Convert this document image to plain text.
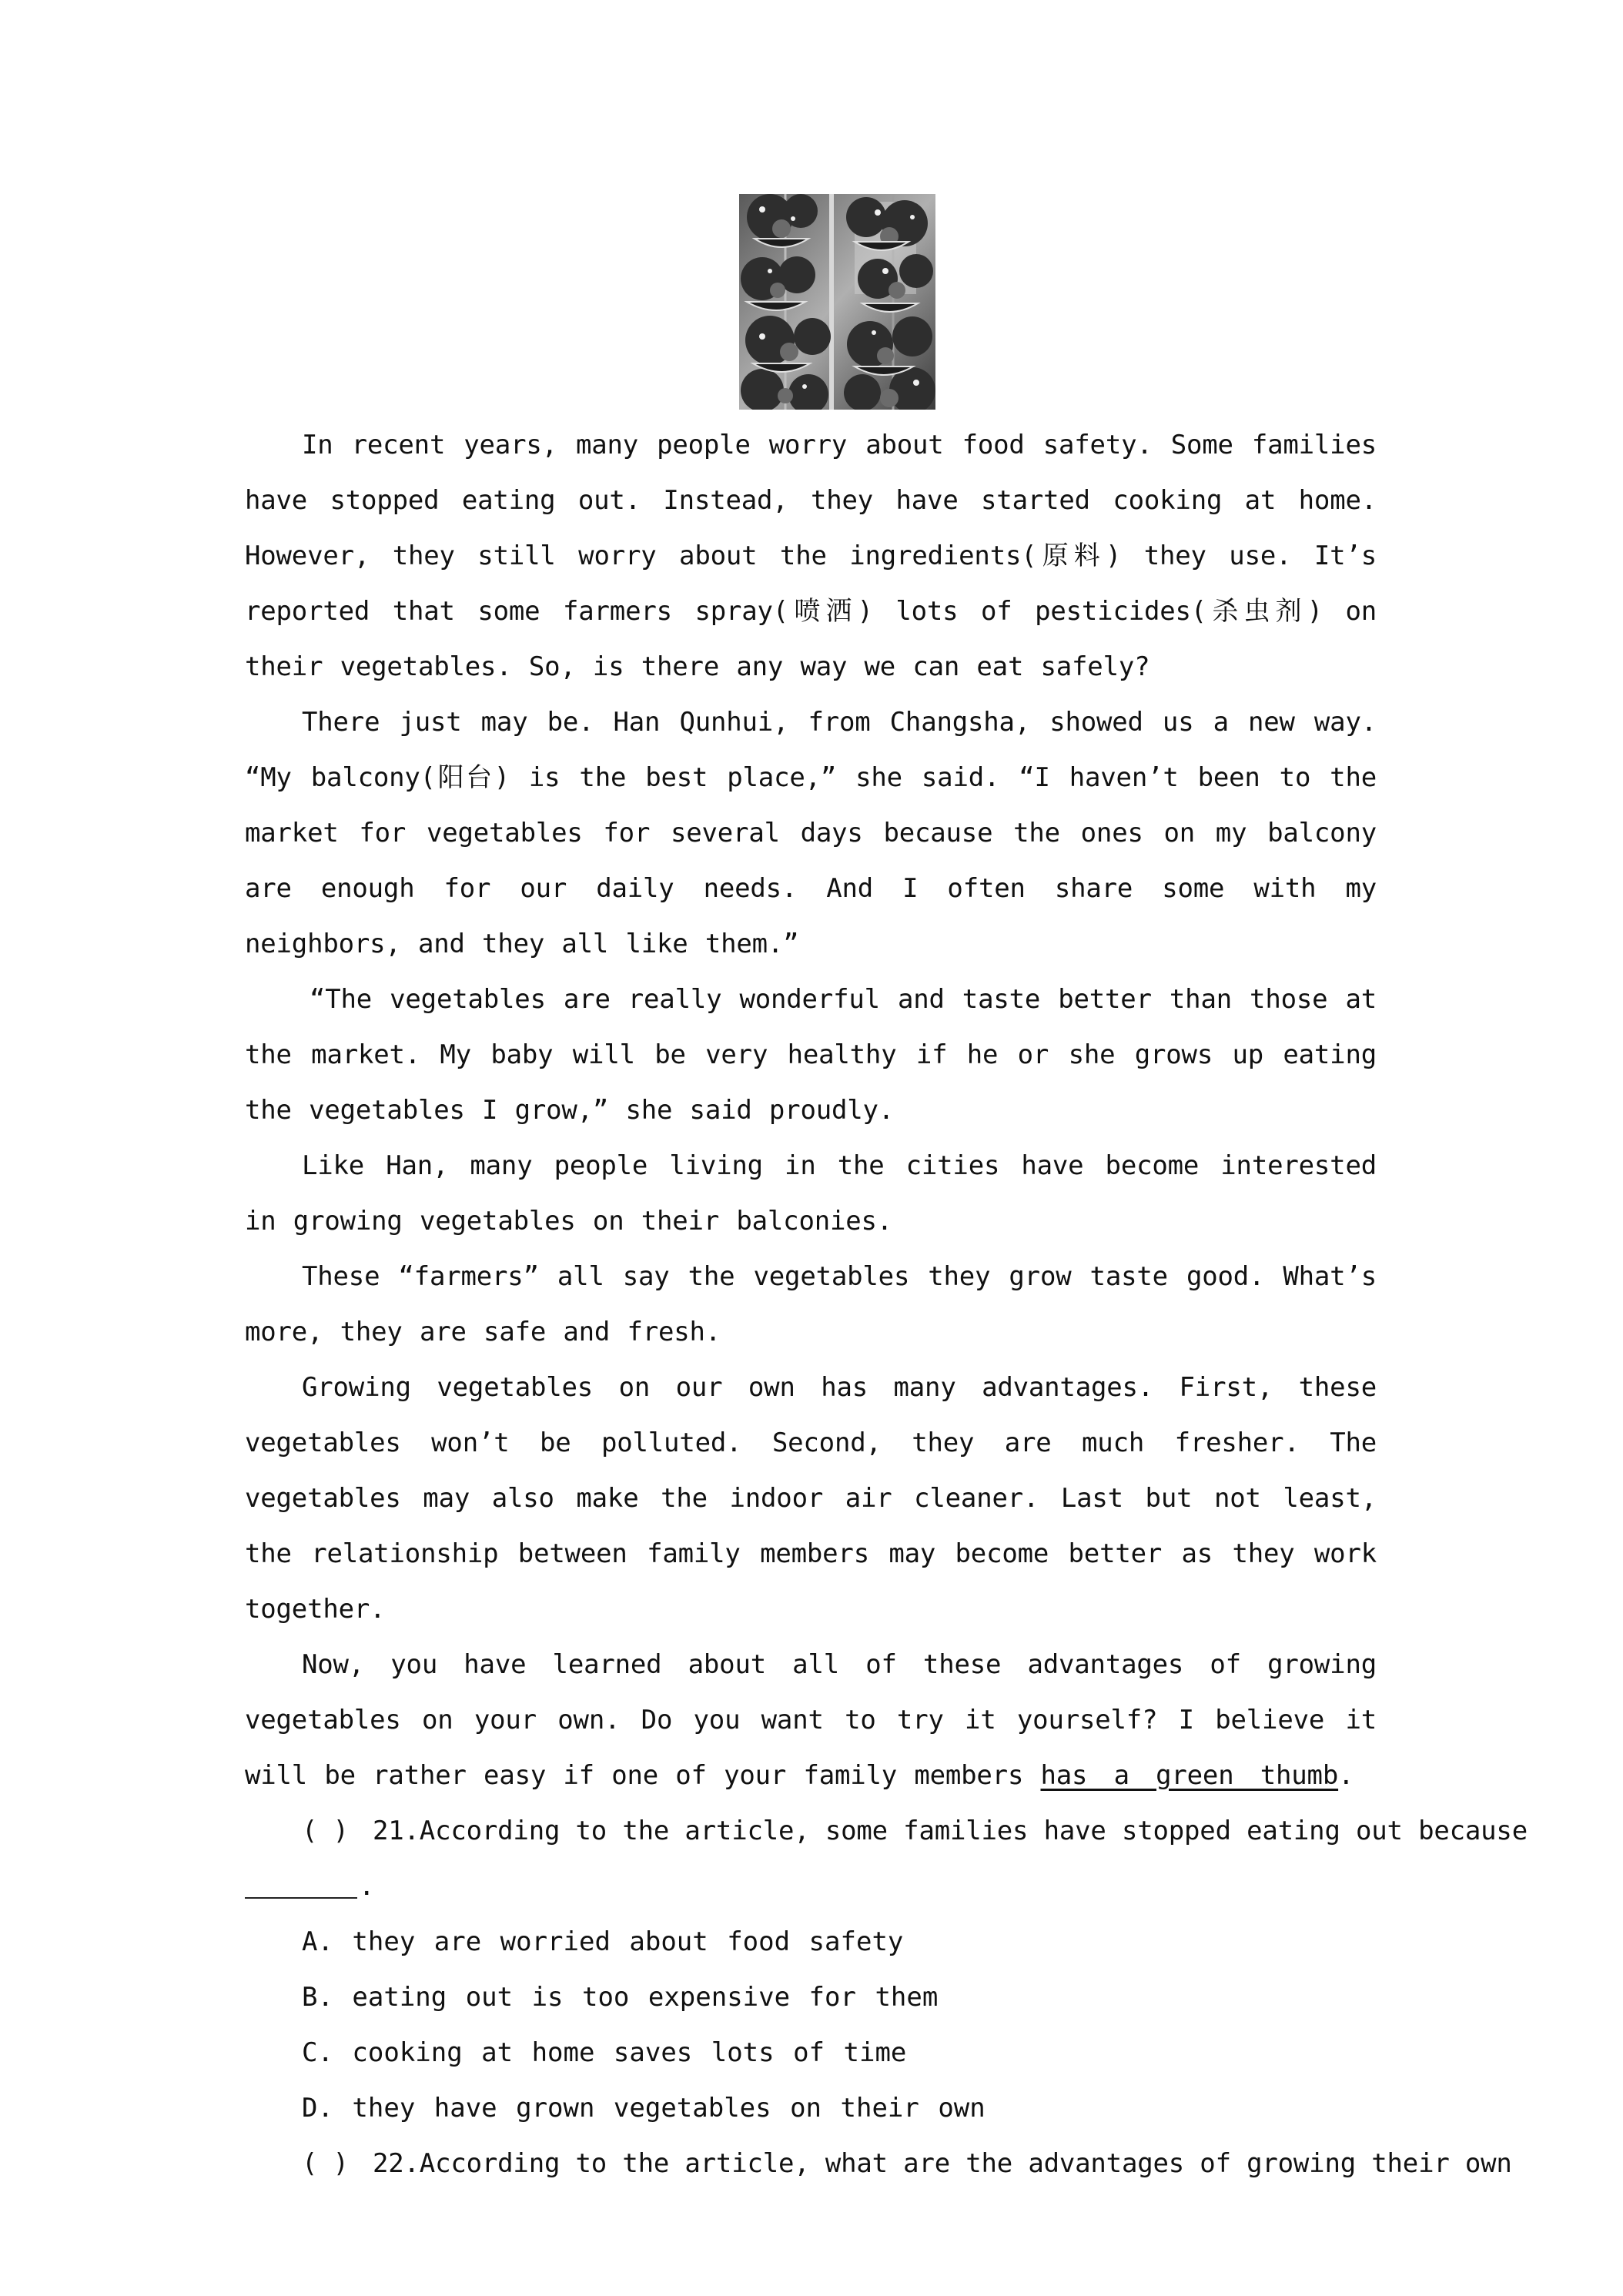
In recent years, many people worry about food safety. Some families have stopped eating out. Instead, they have started cooking at home. However, they still worry about the ingredients(原料) they use. It’s reported that some farmers spray(喷洒) lots of pesticides(杀虫剂) on their vegetables. So, is there any way we can eat safely?

There just may be. Han Qunhui, from Changsha, showed us a new way. “My balcony(阳台) is the best place,” she said. “I haven’t been to the market for vegetables for several days because the ones on my balcony are enough for our daily needs. And I often share some with my neighbors, and they all like them.”

“The vegetables are really wonderful and taste better than those at the market. My baby will be very healthy if he or she grows up eating the vegetables I grow,” she said proudly.

Like Han, many people living in the cities have become interested in growing vegetables on their balconies.

These “farmers” all say the vegetables they grow taste good. What’s more, they are safe and fresh.

Growing vegetables on our own has many advantages. First, these vegetables won’t be polluted. Second, they are much fresher. The vegetables may also make the indoor air cleaner. Last but not least, the relationship between family members may become better as they work together.

Now, you have learned about all of these advantages of growing vegetables on your own. Do you want to try it yourself? I believe it will be rather easy if one of your family members has a green thumb.

( ) 21.According to the article, some families have stopped eating out because

.

A. they are worried about food safety

B. eating out is too expensive for them

C. cooking at home saves lots of time

D. they have grown vegetables on their own

( ) 22.According to the article, what are the advantages of growing their own
